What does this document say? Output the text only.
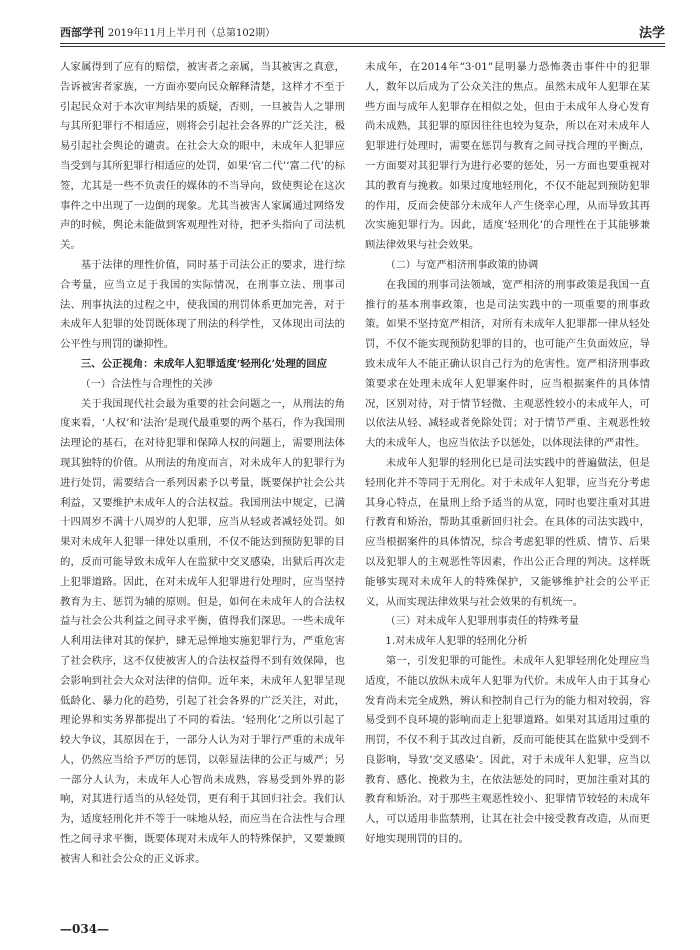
西部学刊 2019年11月上半月刊（总第102期）	法学

人家属得到了应有的赔偿，被害者之亲属，当其被害之真意，告诉被害者家族，一方面亦要向民众解释清楚，这样才不至于引起民众对于本次审判结果的质疑，否则，一旦被告人之罪刑与其所犯罪行不相适应，则将会引起社会各界的广泛关注，极易引起社会舆论的谴责。在社会大众的眼中，未成年人犯罪应当受到与其所犯罪行相适应的处罚，如果‘官二代’‘富二代’的标签，尤其是一些不负责任的媒体的不当导向，致使舆论在这次事件之中出现了一边倒的现象。尤其当被害人家属通过网络发声的时候，舆论未能做到客观理性对待，把矛头指向了司法机关。

基于法律的理性价值，同时基于司法公正的要求，进行综合考量，应当立足于我国的实际情况，在刑事立法、刑事司法、刑事执法的过程之中，使我国的刑罚体系更加完善，对于未成年人犯罪的处罚既体现了刑法的科学性，又体现出司法的公平性与刑罚的谦抑性。

三、公正视角：未成年人犯罪适度‘轻刑化’处理的回应
（一）合法性与合理性的关涉

关于我国现代社会最为重要的社会问题之一，从刑法的角度来看，‘人权’和‘法治’是现代最重要的两个基石，作为我国刑法理论的基石，在对待犯罪和保障人权的问题上，需要刑法体现其独特的价值。从刑法的角度而言，对未成年人的犯罪行为进行处罚，需要结合一系列因素予以考量，既要保护社会公共利益，又要维护未成年人的合法权益。我国刑法中规定，已满十四周岁不满十八周岁的人犯罪，应当从轻或者减轻处罚。如果对未成年人犯罪一律处以重刑，不仅不能达到预防犯罪的目的，反而可能导致未成年人在监狱中交叉感染，出狱后再次走上犯罪道路。因此，在对未成年人犯罪进行处理时，应当坚持教育为主、惩罚为辅的原则。但是，如何在未成年人的合法权益与社会公共利益之间寻求平衡，值得我们深思。一些未成年人利用法律对其的保护，肆无忌惮地实施犯罪行为，严重危害了社会秩序，这不仅使被害人的合法权益得不到有效保障，也会影响到社会大众对法律的信仰。近年来，未成年人犯罪呈现低龄化、暴力化的趋势，引起了社会各界的广泛关注，对此，理论界和实务界都提出了不同的看法。‘轻刑化’之所以引起了较大争议，其原因在于，一部分人认为对于罪行严重的未成年人，仍然应当给予严厉的惩罚，以彰显法律的公正与威严；另一部分人认为，未成年人心智尚未成熟，容易受到外界的影响，对其进行适当的从轻处罚，更有利于其回归社会。我们认为，适度轻刑化并不等于一味地从轻，而应当在合法性与合理性之间寻求平衡，既要体现对未成年人的特殊保护，又要兼顾被害人和社会公众的正义诉求。

未成年，在2014年“3·01”昆明暴力恐怖袭击事件中的犯罪人，数年以后成为了公众关注的焦点。虽然未成年人犯罪在某些方面与成年人犯罪存在相似之处，但由于未成年人身心发育尚未成熟，其犯罪的原因往往也较为复杂，所以在对未成年人犯罪进行处理时，需要在惩罚与教育之间寻找合理的平衡点，一方面要对其犯罪行为进行必要的惩处，另一方面也要重视对其的教育与挽救。如果过度地轻刑化，不仅不能起到预防犯罪的作用，反而会使部分未成年人产生侥幸心理，从而导致其再次实施犯罪行为。因此，适度‘轻刑化’的合理性在于其能够兼顾法律效果与社会效果。

（二）与宽严相济刑事政策的协调

在我国的刑事司法领域，宽严相济的刑事政策是我国一直推行的基本刑事政策，也是司法实践中的一项重要的刑事政策。如果不坚持宽严相济，对所有未成年人犯罪都一律从轻处罚，不仅不能实现预防犯罪的目的，也可能产生负面效应，导致未成年人不能正确认识自己行为的危害性。宽严相济刑事政策要求在处理未成年人犯罪案件时，应当根据案件的具体情况，区别对待，对于情节轻微、主观恶性较小的未成年人，可以依法从轻、减轻或者免除处罚；对于情节严重、主观恶性较大的未成年人，也应当依法予以惩处，以体现法律的严肃性。

未成年人犯罪的轻刑化已是司法实践中的普遍做法，但是轻刑化并不等同于无刑化。对于未成年人犯罪，应当充分考虑其身心特点，在量刑上给予适当的从宽，同时也要注重对其进行教育和矫治，帮助其重新回归社会。在具体的司法实践中，应当根据案件的具体情况，综合考虑犯罪的性质、情节、后果以及犯罪人的主观恶性等因素，作出公正合理的判决。这样既能够实现对未成年人的特殊保护，又能够维护社会的公平正义，从而实现法律效果与社会效果的有机统一。

（三）对未成年人犯罪刑事责任的特殊考量
1.对未成年人犯罪的轻刑化分析

第一，引发犯罪的可能性。未成年人犯罪轻刑化处理应当适度，不能以放纵未成年人犯罪为代价。未成年人由于其身心发育尚未完全成熟，辨认和控制自己行为的能力相对较弱，容易受到不良环境的影响而走上犯罪道路。如果对其适用过重的刑罚，不仅不利于其改过自新，反而可能使其在监狱中受到不良影响，导致‘交叉感染’。因此，对于未成年人犯罪，应当以教育、感化、挽救为主，在依法惩处的同时，更加注重对其的教育和矫治。对于那些主观恶性较小、犯罪情节较轻的未成年人，可以适用非监禁刑，让其在社会中接受教育改造，从而更好地实现刑罚的目的。

—034—
